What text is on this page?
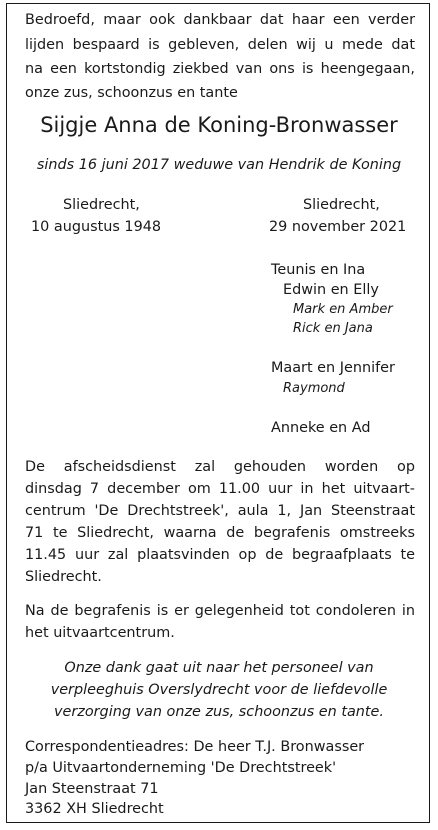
Bedroefd, maar ook dankbaar dat haar een verder
lijden bespaard is gebleven, delen wij u mede dat
na een kortstondig ziekbed van ons is heengegaan,
onze zus, schoonzus en tante
Sijgje Anna de Koning-Bronwasser
sinds 16 juni 2017 weduwe van Hendrik de Koning
Sliedrecht,
10 augustus 1948
Sliedrecht,
29 november 2021
Teunis en Ina
Edwin en Elly
Mark en Amber
Rick en Jana
Maart en Jennifer
Raymond
Anneke en Ad
De afscheidsdienst zal gehouden worden op
dinsdag 7 december om 11.00 uur in het uitvaart-
centrum 'De Drechtstreek', aula 1, Jan Steenstraat
71 te Sliedrecht, waarna de begrafenis omstreeks
11.45 uur zal plaatsvinden op de begraafplaats te
Sliedrecht.
Na de begrafenis is er gelegenheid tot condoleren in
het uitvaartcentrum.
Onze dank gaat uit naar het personeel van
verpleeghuis Overslydrecht voor de liefdevolle
verzorging van onze zus, schoonzus en tante.
Correspondentieadres: De heer T.J. Bronwasser
p/a Uitvaartonderneming 'De Drechtstreek'
Jan Steenstraat 71
3362 XH Sliedrecht
